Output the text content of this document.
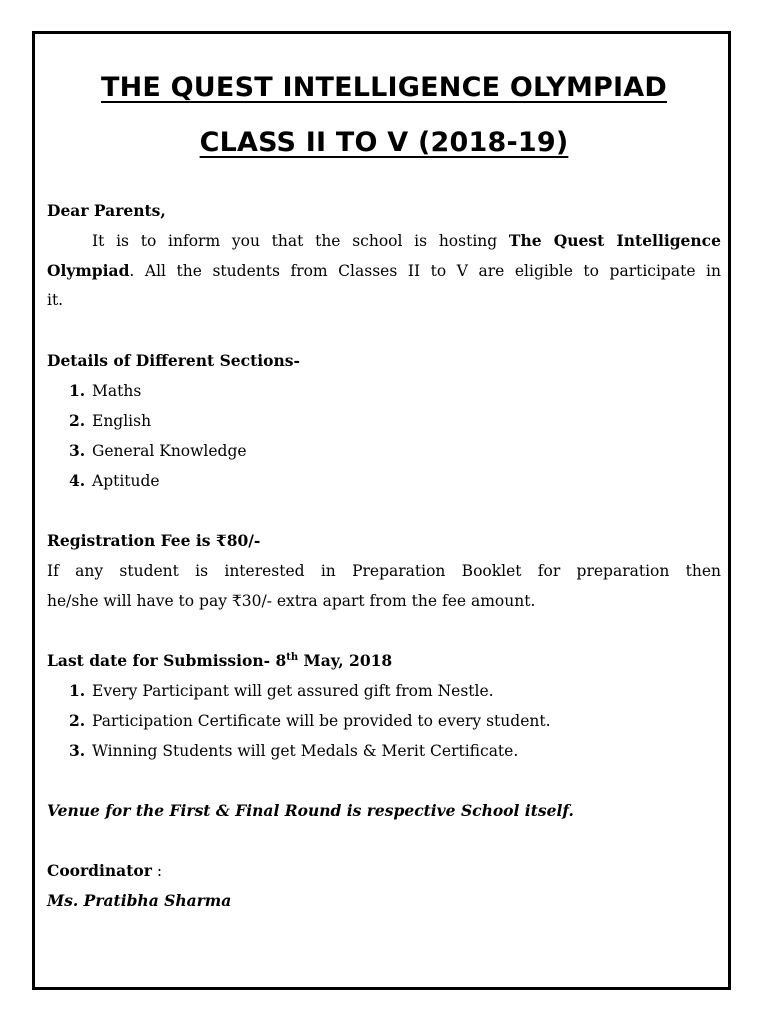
THE QUEST INTELLIGENCE OLYMPIAD
CLASS II TO V (2018-19)
Dear Parents,
It is to inform you that the school is hosting The Quest Intelligence
Olympiad. All the students from Classes II to V are eligible to participate in
it.
Details of Different Sections-
1. Maths
2. English
3. General Knowledge
4. Aptitude
Registration Fee is ₹80/-
If any student is interested in Preparation Booklet for preparation then
he/she will have to pay ₹30/- extra apart from the fee amount.
Last date for Submission- 8th May, 2018
1. Every Participant will get assured gift from Nestle.
2. Participation Certificate will be provided to every student.
3. Winning Students will get Medals & Merit Certificate.
Venue for the First & Final Round is respective School itself.
Coordinator :
Ms. Pratibha Sharma
